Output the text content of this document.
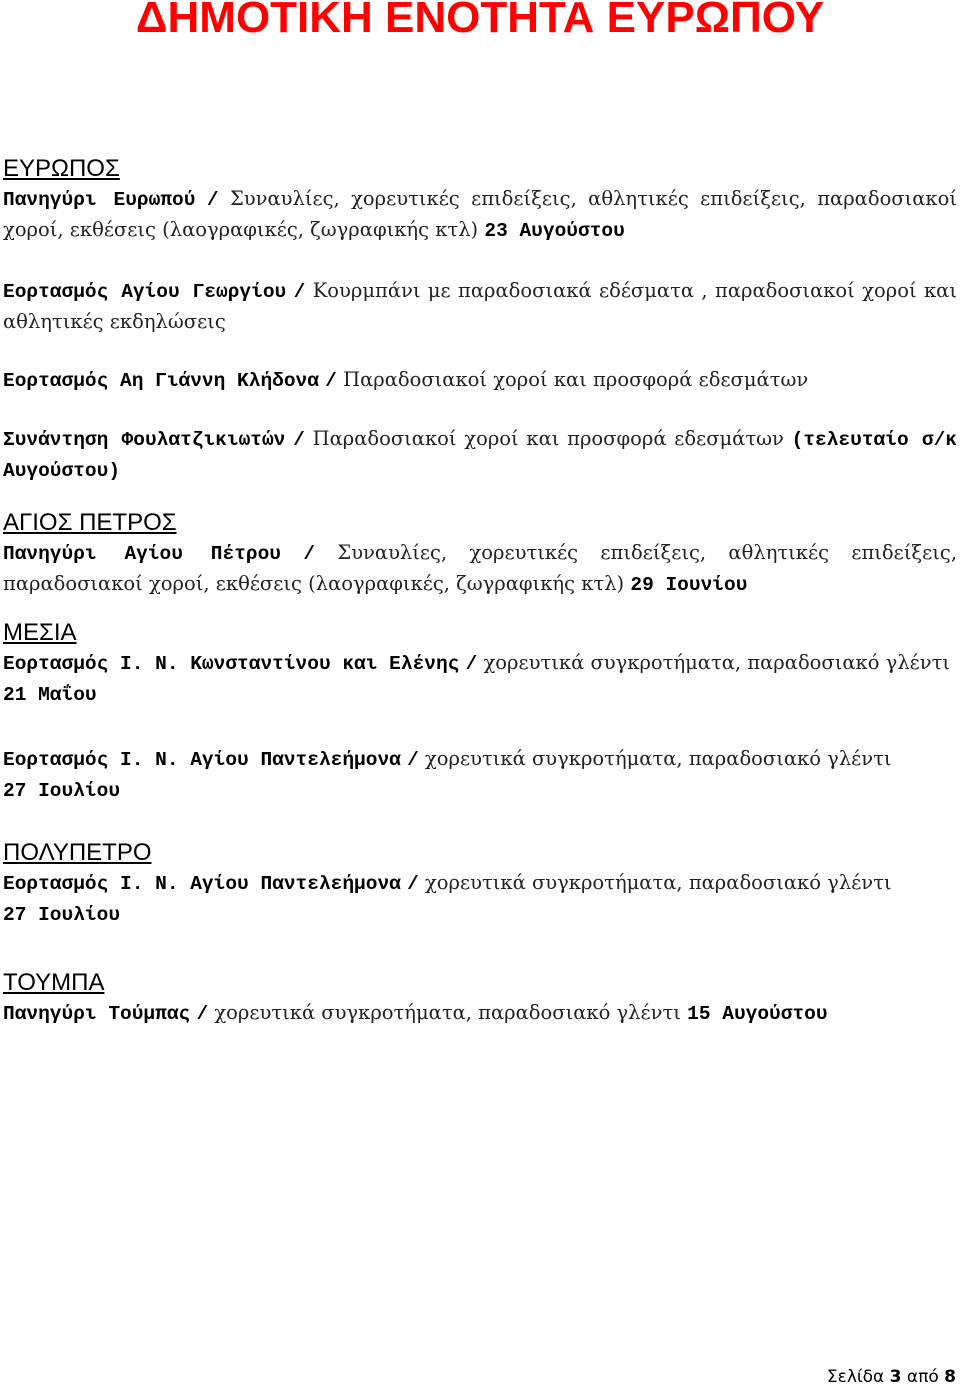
ΔΗΜΟΤΙΚΗ ΕΝΟΤΗΤΑ ΕΥΡΩΠΟΥ
ΕΥΡΩΠΟΣ

Πανηγύρι Ευρωπού / Συναυλίες, χορευτικές επιδείξεις, αθλητικές επιδείξεις, παραδοσιακοί χοροί, εκθέσεις (λαογραφικές, ζωγραφικής κτλ) 23 Αυγούστου

Εορτασμός Αγίου Γεωργίου / Κουρμπάνι με παραδοσιακά εδέσματα , παραδοσιακοί χοροί και αθλητικές εκδηλώσεις

Εορτασμός Αη Γιάννη Κλήδονα / Παραδοσιακοί χοροί και προσφορά εδεσμάτων

Συνάντηση Φουλατζικιωτών / Παραδοσιακοί χοροί και προσφορά εδεσμάτων (τελευταίο σ/κ Αυγούστου)

ΑΓΙΟΣ ΠΕΤΡΟΣ

Πανηγύρι Αγίου Πέτρου / Συναυλίες, χορευτικές επιδείξεις, αθλητικές επιδείξεις, παραδοσιακοί χοροί, εκθέσεις (λαογραφικές, ζωγραφικής κτλ) 29 Ιουνίου

ΜΕΣΙΑ

Εορτασμός Ι. Ν. Κωνσταντίνου και Ελένης / χορευτικά συγκροτήματα, παραδοσιακό γλέντι
21 Μαΐου

Εορτασμός Ι. Ν. Αγίου Παντελεήμονα / χορευτικά συγκροτήματα, παραδοσιακό γλέντι
27 Ιουλίου

ΠΟΛΥΠΕΤΡΟ

Εορτασμός Ι. Ν. Αγίου Παντελεήμονα / χορευτικά συγκροτήματα, παραδοσιακό γλέντι
27 Ιουλίου

ΤΟΥΜΠΑ

Πανηγύρι Τούμπας / χορευτικά συγκροτήματα, παραδοσιακό γλέντι 15 Αυγούστου

Σελίδα 3 από 8
